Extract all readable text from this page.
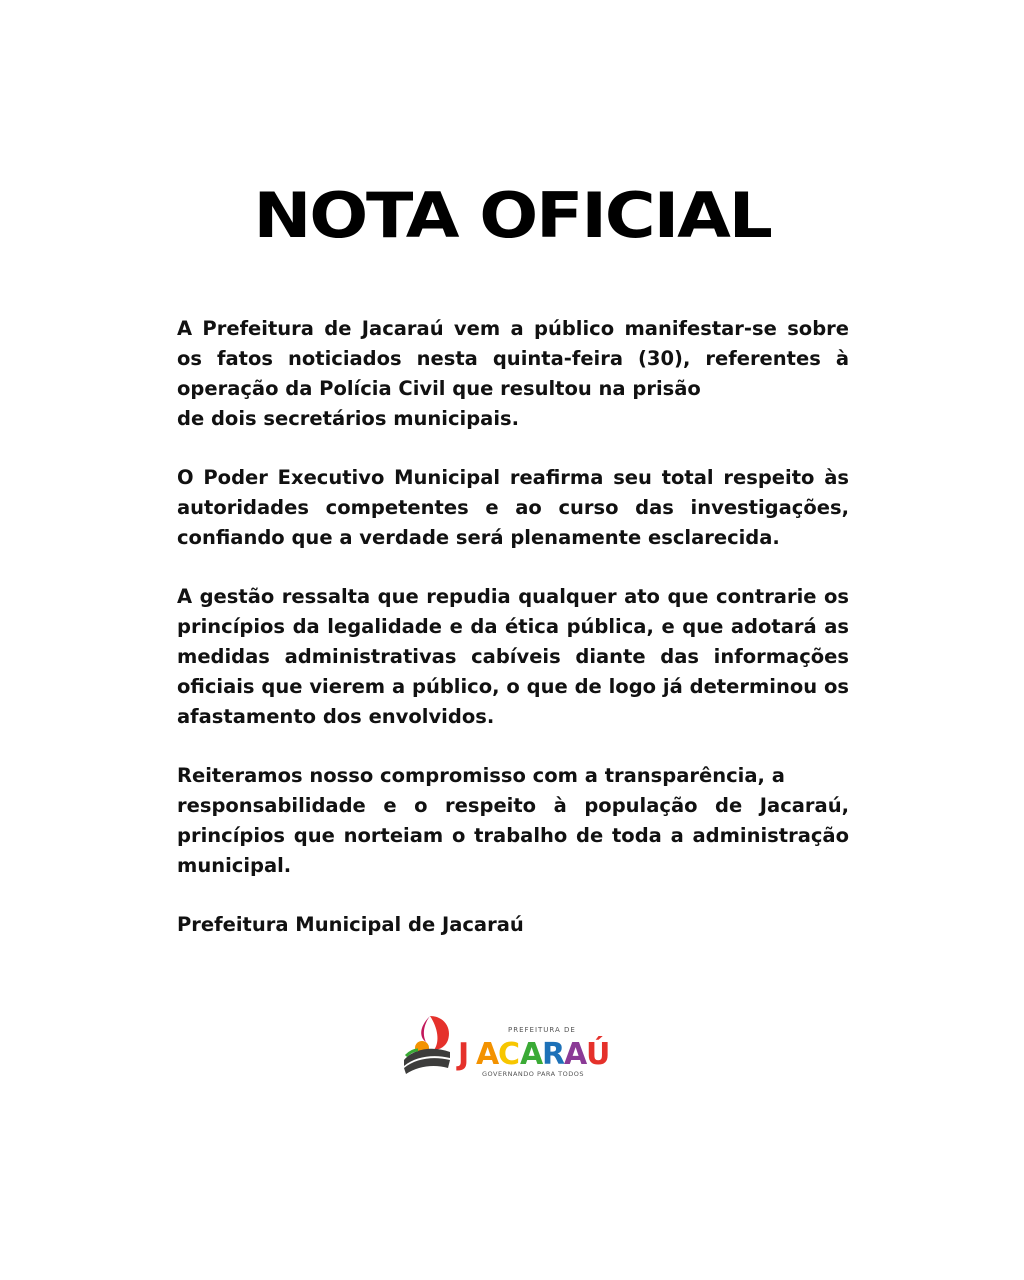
NOTA OFICIAL
A Prefeitura de Jacaraú vem a público manifestar-se sobre
os fatos noticiados nesta quinta-feira (30), referentes à
operação da Polícia Civil que resultou na prisão
de dois secretários municipais.
O Poder Executivo Municipal reafirma seu total respeito às
autoridades competentes e ao curso das investigações,
confiando que a verdade será plenamente esclarecida.
A gestão ressalta que repudia qualquer ato que contrarie os
princípios da legalidade e da ética pública, e que adotará as
medidas administrativas cabíveis diante das informações
oficiais que vierem a público, o que de logo já determinou os
afastamento dos envolvidos.
Reiteramos nosso compromisso com a transparência, a
responsabilidade e o respeito à população de Jacaraú,
princípios que norteiam o trabalho de toda a administração
municipal.
Prefeitura Municipal de Jacaraú
PREFEITURA DE
J A
C A
R
A
Ú
GOVERNANDO PARA TODOS
